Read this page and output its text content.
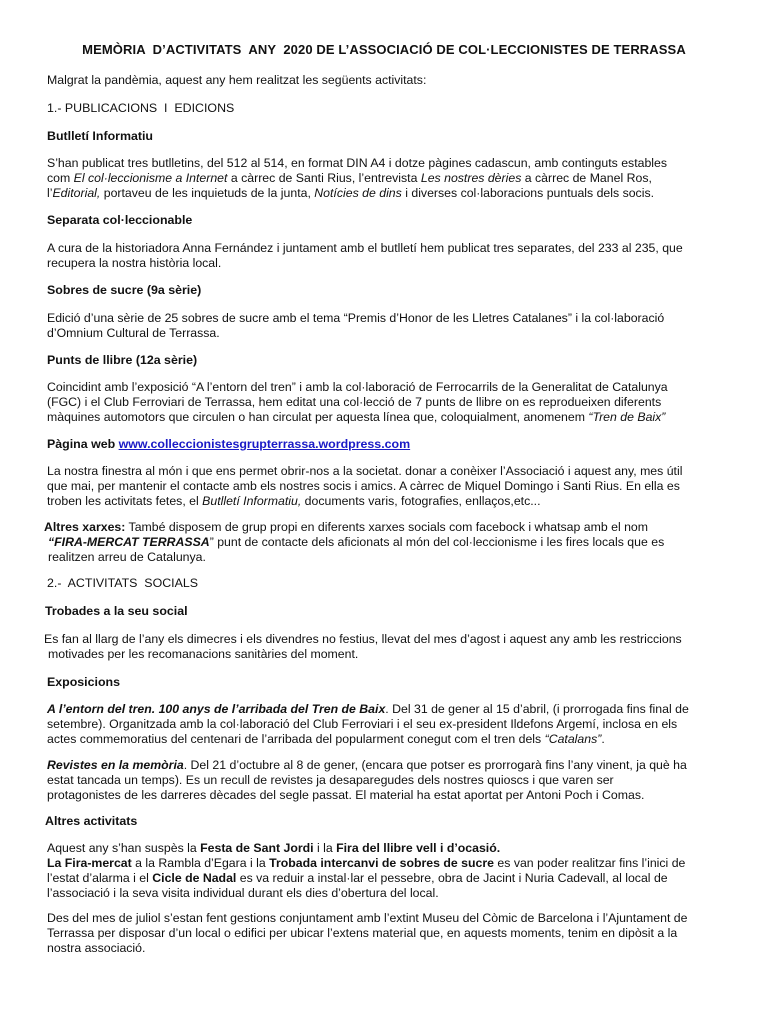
MEMÒRIA  D’ACTIVITATS  ANY  2020 DE L’ASSOCIACIÓ DE COL·LECCIONISTES DE TERRASSA
Malgrat la pandèmia, aquest any hem realitzat les següents activitats:
1.- PUBLICACIONS  I  EDICIONS
Butlletí Informatiu
S’han publicat tres butlletins, del 512 al 514, en format DIN A4 i dotze pàgines cadascun, amb continguts estables
com El col·leccionisme a Internet a càrrec de Santi Rius, l’entrevista Les nostres dèries a càrrec de Manel Ros,
l’Editorial, portaveu de les inquietuds de la junta, Notícies de dins i diverses col·laboracions puntuals dels socis.
Separata col·leccionable
A cura de la historiadora Anna Fernández i juntament amb el butlletí hem publicat tres separates, del 233 al 235, que
recupera la nostra història local.
Sobres de sucre (9a sèrie)
Edició d’una sèrie de 25 sobres de sucre amb el tema “Premis d’Honor de les Lletres Catalanes” i la col·laboració
d’Omnium Cultural de Terrassa.
Punts de llibre (12a sèrie)
Coincidint amb l’exposició “A l’entorn del tren” i amb la col·laboració de Ferrocarrils de la Generalitat de Catalunya
(FGC) i el Club Ferroviari de Terrassa, hem editat una col·lecció de 7 punts de llibre on es reprodueixen diferents
màquines automotors que circulen o han circulat per aquesta línea que, coloquialment, anomenem “Tren de Baix”
Pàgina web www.colleccionistesgrupterrassa.wordpress.com
La nostra finestra al món i que ens permet obrir-nos a la societat. donar a conèixer l’Associació i aquest any, mes útil
que mai, per mantenir el contacte amb els nostres socis i amics. A càrrec de Miquel Domingo i Santi Rius. En ella es
troben les activitats fetes, el Butlletí Informatiu, documents varis, fotografies, enllaços,etc...
Altres xarxes: També disposem de grup propi en diferents xarxes socials com facebock i whatsap amb el nom
“FIRA-MERCAT TERRASSA” punt de contacte dels aficionats al món del col·leccionisme i les fires locals que es
realitzen arreu de Catalunya.
2.-  ACTIVITATS  SOCIALS
Trobades a la seu social
Es fan al llarg de l’any els dimecres i els divendres no festius, llevat del mes d’agost i aquest any amb les restriccions
motivades per les recomanacions sanitàries del moment.
Exposicions
A l’entorn del tren. 100 anys de l’arribada del Tren de Baix. Del 31 de gener al 15 d’abril, (i prorrogada fins final de
setembre). Organitzada amb la col·laboració del Club Ferroviari i el seu ex-president Ildefons Argemí, inclosa en els
actes commemoratius del centenari de l’arribada del popularment conegut com el tren dels “Catalans”.
Revistes en la memòria. Del 21 d’octubre al 8 de gener, (encara que potser es prorrogarà fins l’any vinent, ja què ha
estat tancada un temps). Es un recull de revistes ja desaparegudes dels nostres quioscs i que varen ser
protagonistes de les darreres dècades del segle passat. El material ha estat aportat per Antoni Poch i Comas.
Altres activitats
Aquest any s’han suspès la Festa de Sant Jordi i la Fira del llibre vell i d’ocasió.
La Fira-mercat a la Rambla d’Egara i la Trobada intercanvi de sobres de sucre es van poder realitzar fins l’inici de
l’estat d’alarma i el Cicle de Nadal es va reduir a instal·lar el pessebre, obra de Jacint i Nuria Cadevall, al local de
l’associació i la seva visita individual durant els dies d’obertura del local.
Des del mes de juliol s’estan fent gestions conjuntament amb l’extint Museu del Còmic de Barcelona i l’Ajuntament de
Terrassa per disposar d’un local o edifici per ubicar l’extens material que, en aquests moments, tenim en dipòsit a la
nostra associació.
